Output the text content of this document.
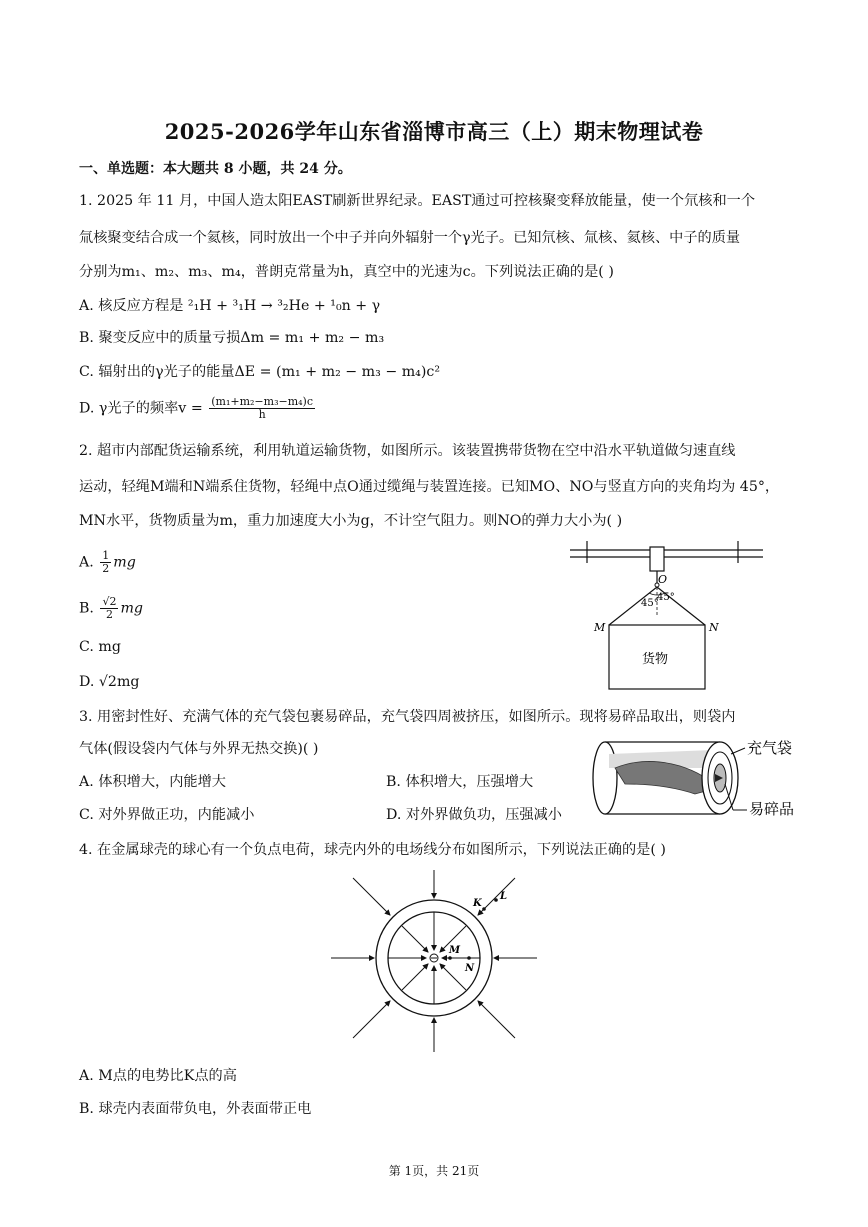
2025-2026学年山东省淄博市高三（上）期末物理试卷
一、单选题：本大题共 8 小题，共 24 分。
1. 2025 年 11 月，中国人造太阳EAST刷新世界纪录。EAST通过可控核聚变释放能量，使一个氘核和一个
氚核聚变结合成一个氦核，同时放出一个中子并向外辐射一个γ光子。已知氘核、氚核、氦核、中子的质量
分别为m₁、m₂、m₃、m₄，普朗克常量为h，真空中的光速为c。下列说法正确的是( )
A. 核反应方程是 ²₁H + ³₁H → ³₂He + ¹₀n + γ
B. 聚变反应中的质量亏损Δm = m₁ + m₂ − m₃
C. 辐射出的γ光子的能量ΔE = (m₁ + m₂ − m₃ − m₄)c²
D. γ光子的频率$v = \frac{\text{(m₁+m₂−m₃−m₄)c}}{h}$
2. 超市内部配货运输系统，利用轨道运输货物，如图所示。该装置携带货物在空中沿水平轨道做匀速直线
运动，轻绳M端和N端系住货物，轻绳中点O通过缆绳与装置连接。已知MO、NO与竖直方向的夹角均为 45°，
MN水平，货物质量为m，重力加速度大小为g，不计空气阻力。则NO的弹力大小为( )
A. $\frac{1}{2}$ mg
B. $\frac{√2}{2}$ mg
C. mg
D. √2mg
O
45°
45°
M	N
货物
3. 用密封性好、充满气体的充气袋包裹易碎品，充气袋四周被挤压，如图所示。现将易碎品取出，则袋内
气体(假设袋内气体与外界无热交换)( )
A. 体积增大，内能增大	B. 体积增大，压强增大
C. 对外界做正功，内能减小	D. 对外界做负功，压强减小
充气袋
易碎品
4. 在金属球壳的球心有一个负点电荷，球壳内外的电场线分布如图所示，下列说法正确的是( )
M
N
K
L
A. M点的电势比K点的高
B. 球壳内表面带负电，外表面带正电
第 1页，共 21页
